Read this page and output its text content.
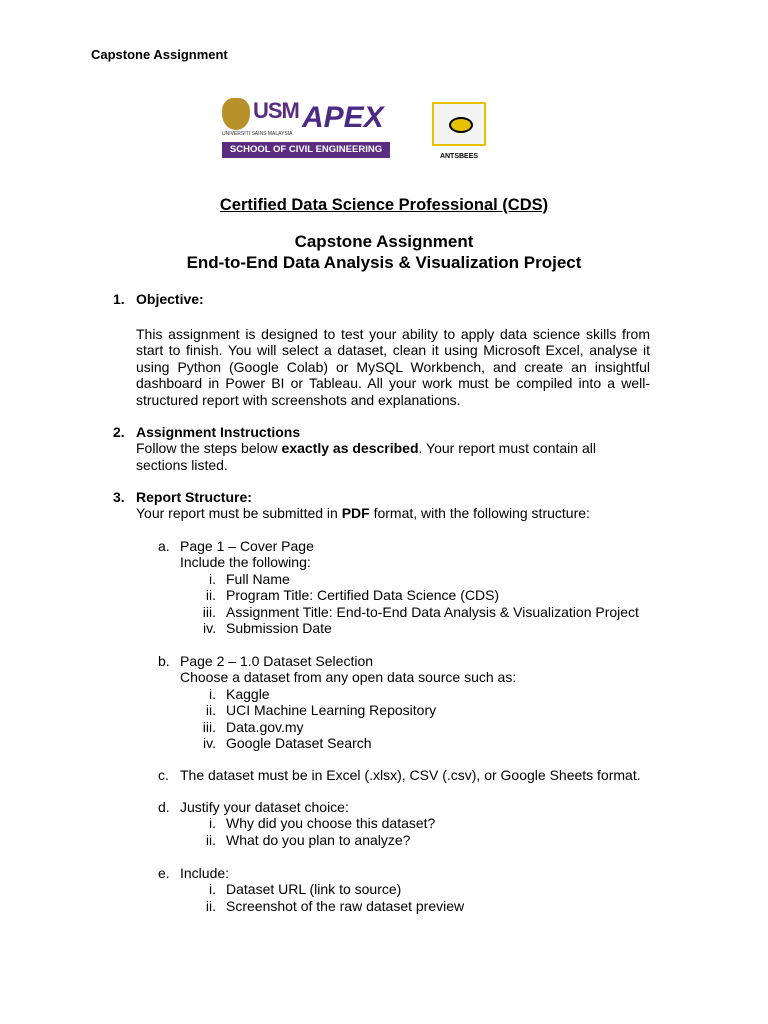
Capstone Assignment
USM
UNIVERSITI SAINS MALAYSIA APEX
SCHOOL OF CIVIL ENGINEERING
ANTSBEES
Certified Data Science Professional (CDS)
Capstone Assignment
End-to-End Data Analysis & Visualization Project
1. Objective:
This assignment is designed to test your ability to apply data science skills from start to finish. You will select a dataset, clean it using Microsoft Excel, analyse it using Python (Google Colab) or MySQL Workbench, and create an insightful dashboard in Power BI or Tableau. All your work must be compiled into a well-structured report with screenshots and explanations.
2. Assignment Instructions
Follow the steps below exactly as described. Your report must contain all sections listed.
3. Report Structure:
Your report must be submitted in PDF format, with the following structure:
a. Page 1 – Cover Page
Include the following:
i. Full Name
ii. Program Title: Certified Data Science (CDS)
iii. Assignment Title: End-to-End Data Analysis & Visualization Project
iv. Submission Date
b. Page 2 – 1.0 Dataset Selection
Choose a dataset from any open data source such as:
i. Kaggle
ii. UCI Machine Learning Repository
iii. Data.gov.my
iv. Google Dataset Search
c. The dataset must be in Excel (.xlsx), CSV (.csv), or Google Sheets format.
d. Justify your dataset choice:
i. Why did you choose this dataset?
ii. What do you plan to analyze?
e. Include:
i. Dataset URL (link to source)
ii. Screenshot of the raw dataset preview
